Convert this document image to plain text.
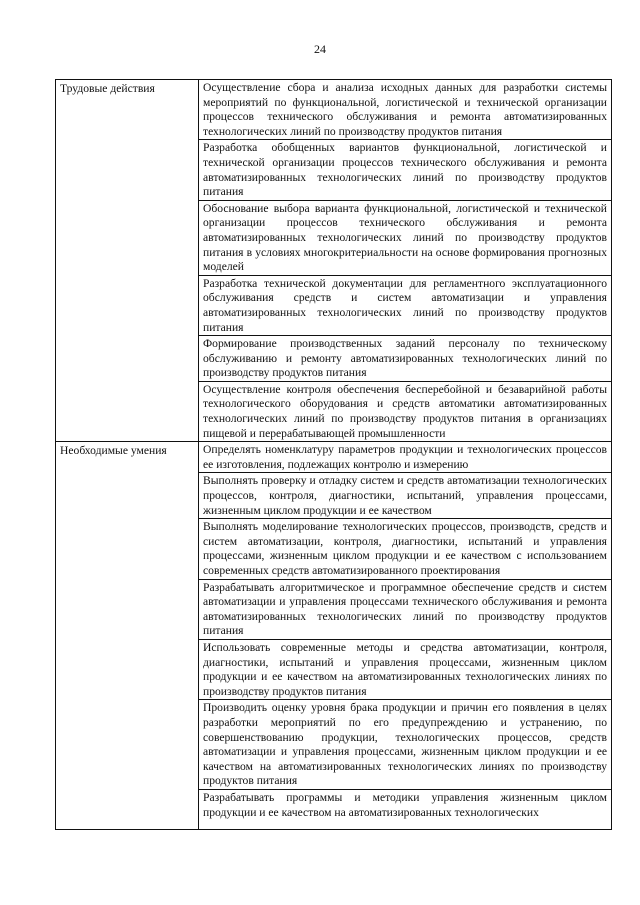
24
Трудовые действия	Осуществление сбора и анализа исходных данных для разработки системы мероприятий по функциональной, логистической и технической организации процессов технического обслуживания и ремонта автоматизированных технологических линий по производству продуктов питания
	Разработка обобщенных вариантов функциональной, логистической и технической организации процессов технического обслуживания и ремонта автоматизированных технологических линий по производству продуктов питания
	Обоснование выбора варианта функциональной, логистической и технической организации процессов технического обслуживания и ремонта автоматизированных технологических линий по производству продуктов питания в условиях многокритериальности на основе формирования прогнозных моделей
	Разработка технической документации для регламентного эксплуатационного обслуживания средств и систем автоматизации и управления автоматизированных технологических линий по производству продуктов питания
	Формирование производственных заданий персоналу по техническому обслуживанию и ремонту автоматизированных технологических линий по производству продуктов питания
	Осуществление контроля обеспечения бесперебойной и безаварийной работы технологического оборудования и средств автоматики автоматизированных технологических линий по производству продуктов питания в организациях пищевой и перерабатывающей промышленности
Необходимые умения	Определять номенклатуру параметров продукции и технологических процессов ее изготовления, подлежащих контролю и измерению
	Выполнять проверку и отладку систем и средств автоматизации технологических процессов, контроля, диагностики, испытаний, управления процессами, жизненным циклом продукции и ее качеством
	Выполнять моделирование технологических процессов, производств, средств и систем автоматизации, контроля, диагностики, испытаний и управления процессами, жизненным циклом продукции и ее качеством с использованием современных средств автоматизированного проектирования
	Разрабатывать алгоритмическое и программное обеспечение средств и систем автоматизации и управления процессами технического обслуживания и ремонта автоматизированных технологических линий по производству продуктов питания
	Использовать современные методы и средства автоматизации, контроля, диагностики, испытаний и управления процессами, жизненным циклом продукции и ее качеством на автоматизированных технологических линиях по производству продуктов питания
	Производить оценку уровня брака продукции и причин его появления в целях разработки мероприятий по его предупреждению и устранению, по совершенствованию продукции, технологических процессов, средств автоматизации и управления процессами, жизненным циклом продукции и ее качеством на автоматизированных технологических линиях по производству продуктов питания

	Разрабатывать программы и методики управления жизненным циклом продукции и ее качеством на автоматизированных технологических
